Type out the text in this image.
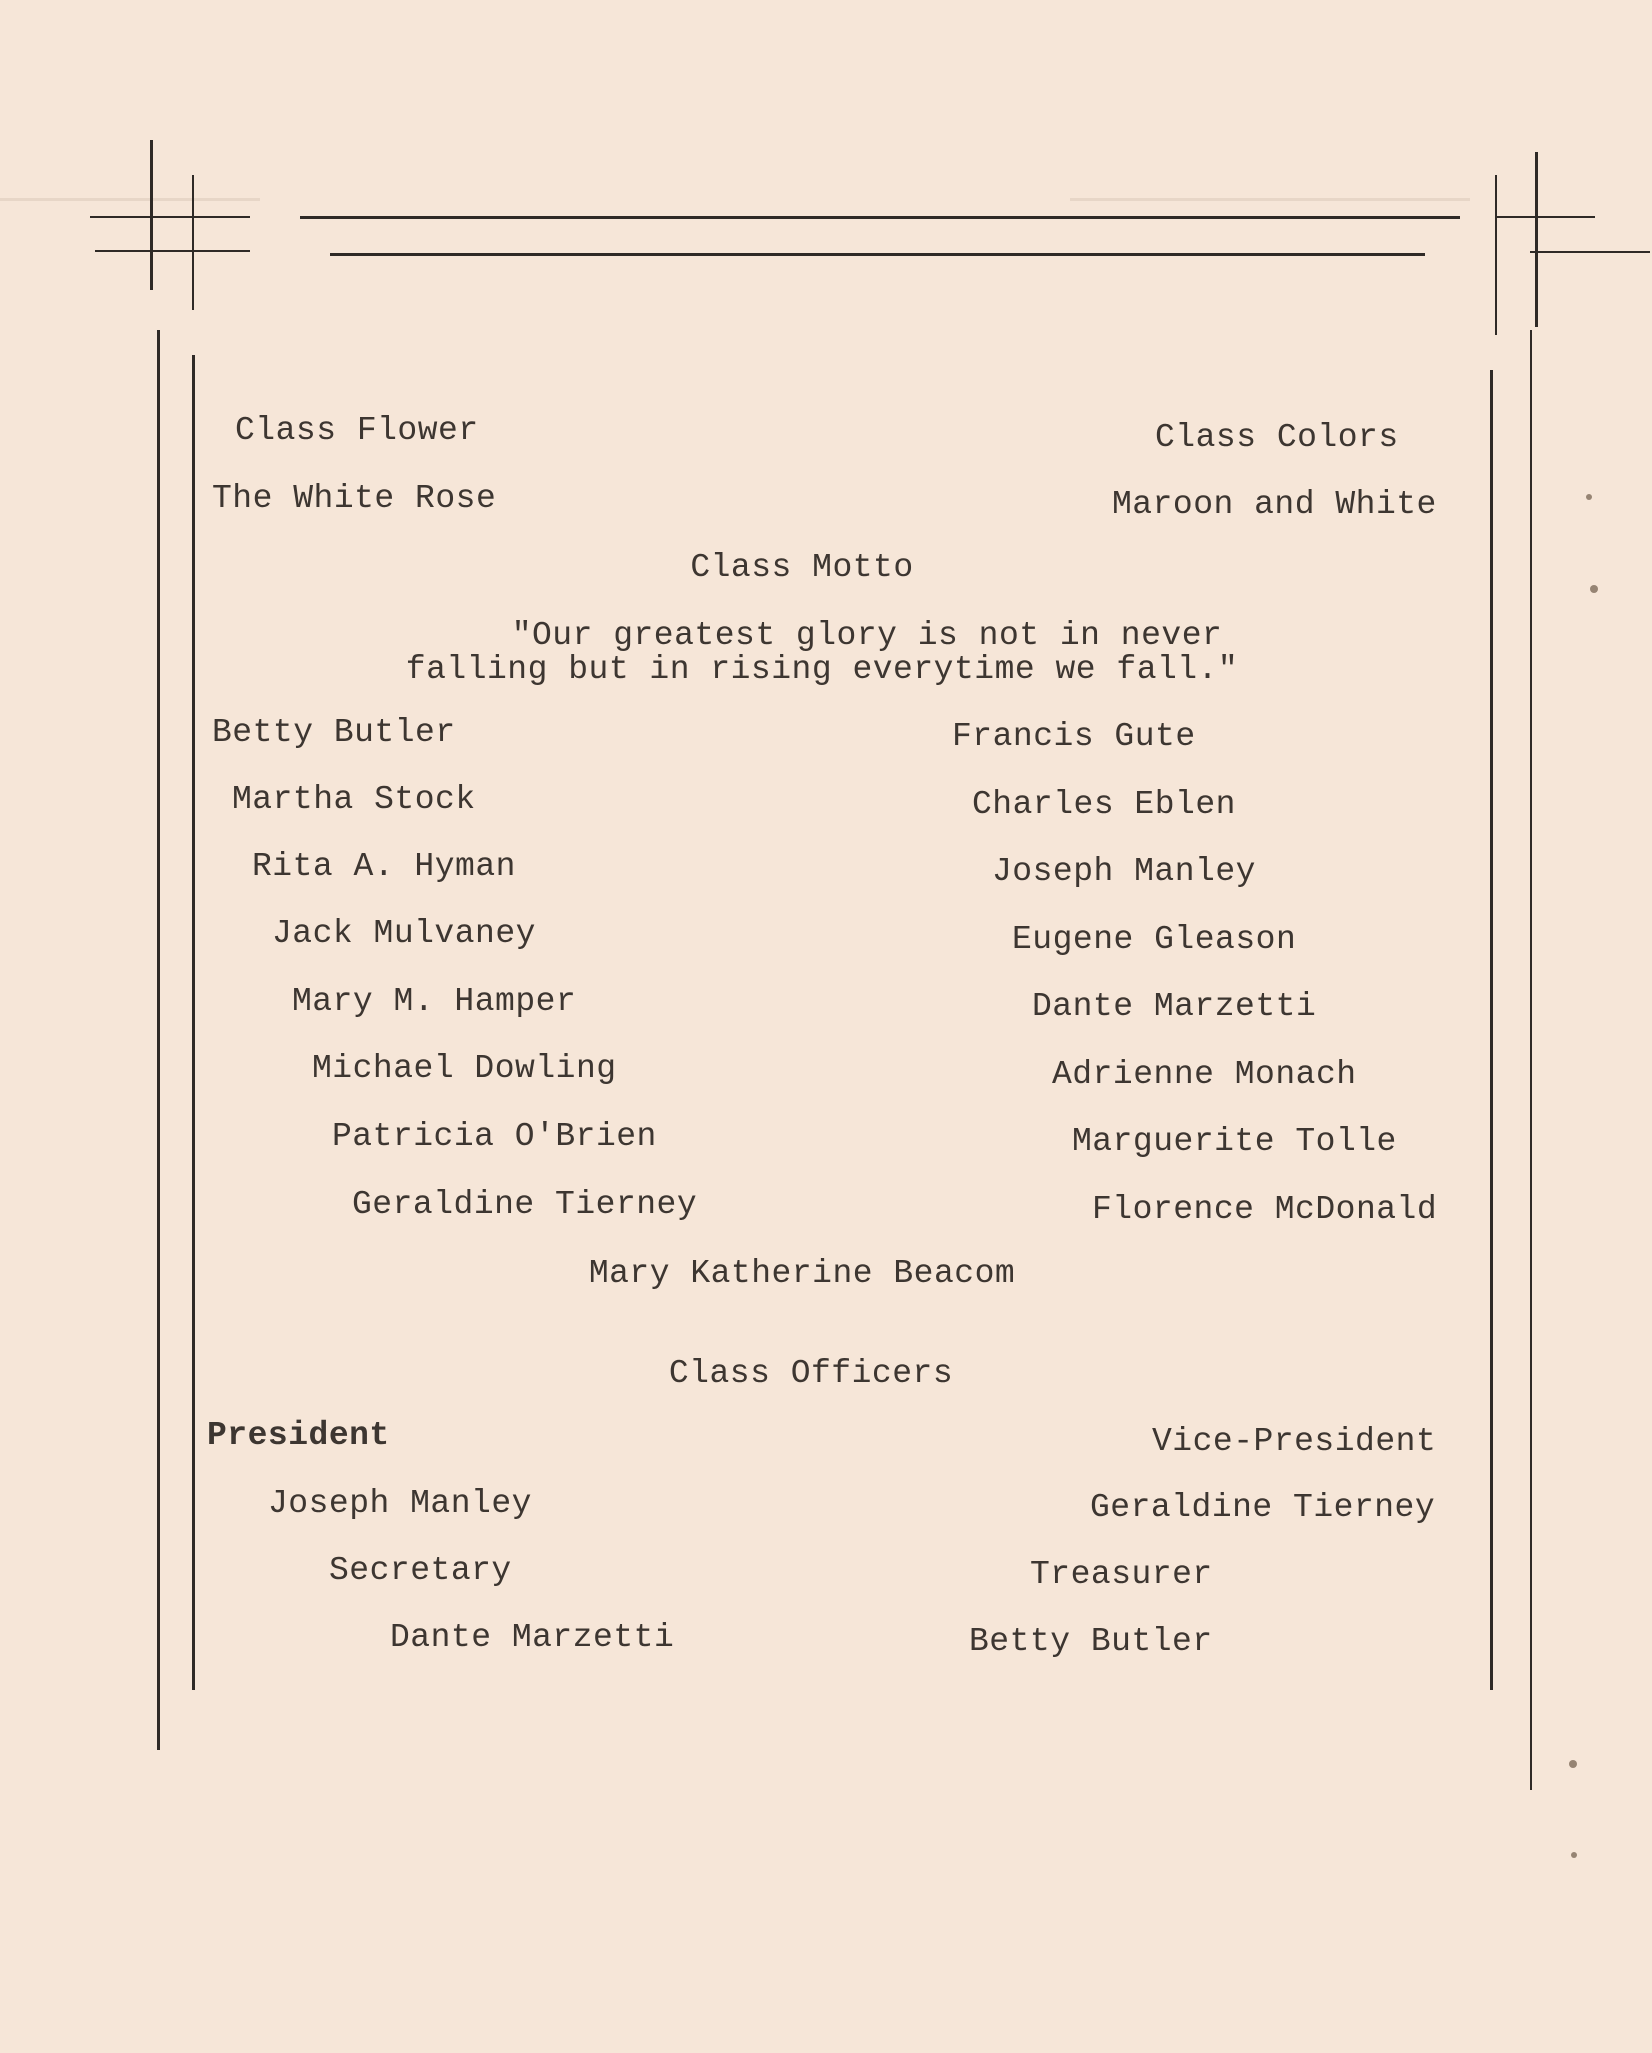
Class Flower
The White Rose
Class Colors
Maroon and White
Class Motto
"Our greatest glory is not in never
falling but in rising everytime we fall."
Betty Butler
Martha Stock
Rita A. Hyman
Jack Mulvaney
Mary M. Hamper
Michael Dowling
Patricia O'Brien
Geraldine Tierney
Francis Gute
Charles Eblen
Joseph Manley
Eugene Gleason
Dante Marzetti
Adrienne Monach
Marguerite Tolle
Florence McDonald
Mary Katherine Beacom
Class Officers
President
Joseph Manley
Secretary
Dante Marzetti
Vice-President
Geraldine Tierney
Treasurer
Betty Butler
